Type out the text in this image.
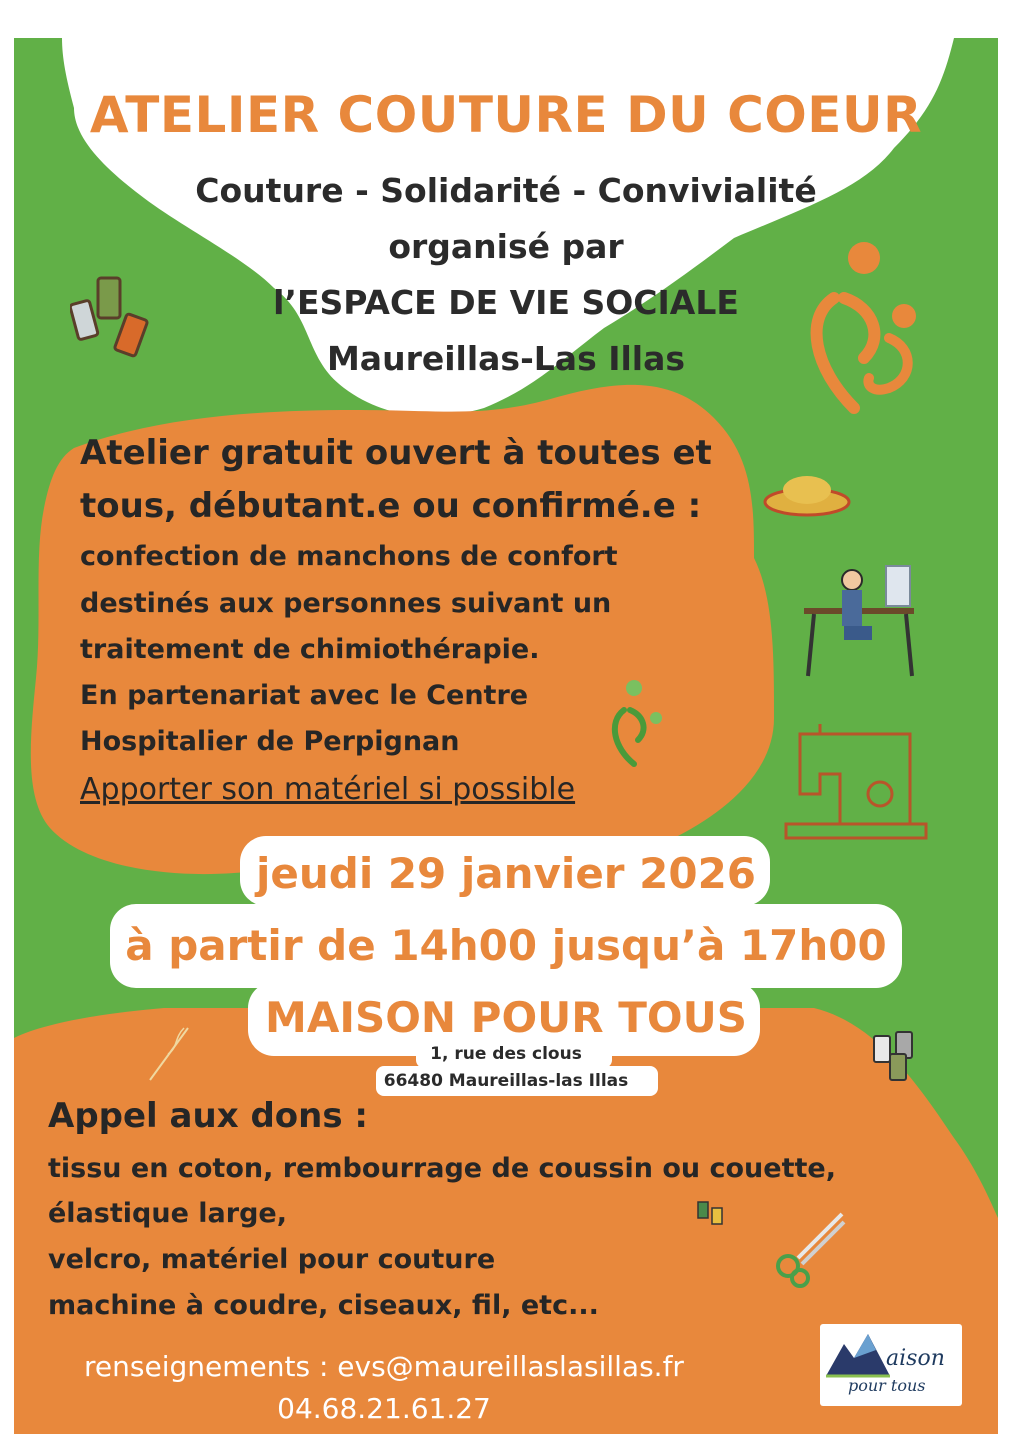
ATELIER COUTURE DU COEUR
Couture - Solidarité - Convivialité
organisé par
l’ESPACE DE VIE SOCIALE
Maureillas-Las Illas
Atelier gratuit ouvert à toutes et
tous, débutant.e ou confirmé.e :
confection de manchons de confort
destinés aux personnes suivant un
traitement de chimiothérapie.
En partenariat avec le Centre
Hospitalier de Perpignan
Apporter son matériel si possible
jeudi 29 janvier 2026
à partir de 14h00 jusqu’à 17h00
MAISON POUR TOUS
1, rue des clous
66480 Maureillas-las Illas
Appel aux dons :
tissu en coton, rembourrage de coussin ou couette,
élastique large,
velcro, matériel pour couture
machine à coudre, ciseaux, fil, etc...
renseignements : evs@maureillaslasillas.fr
04.68.21.61.27
aison
pour tous
